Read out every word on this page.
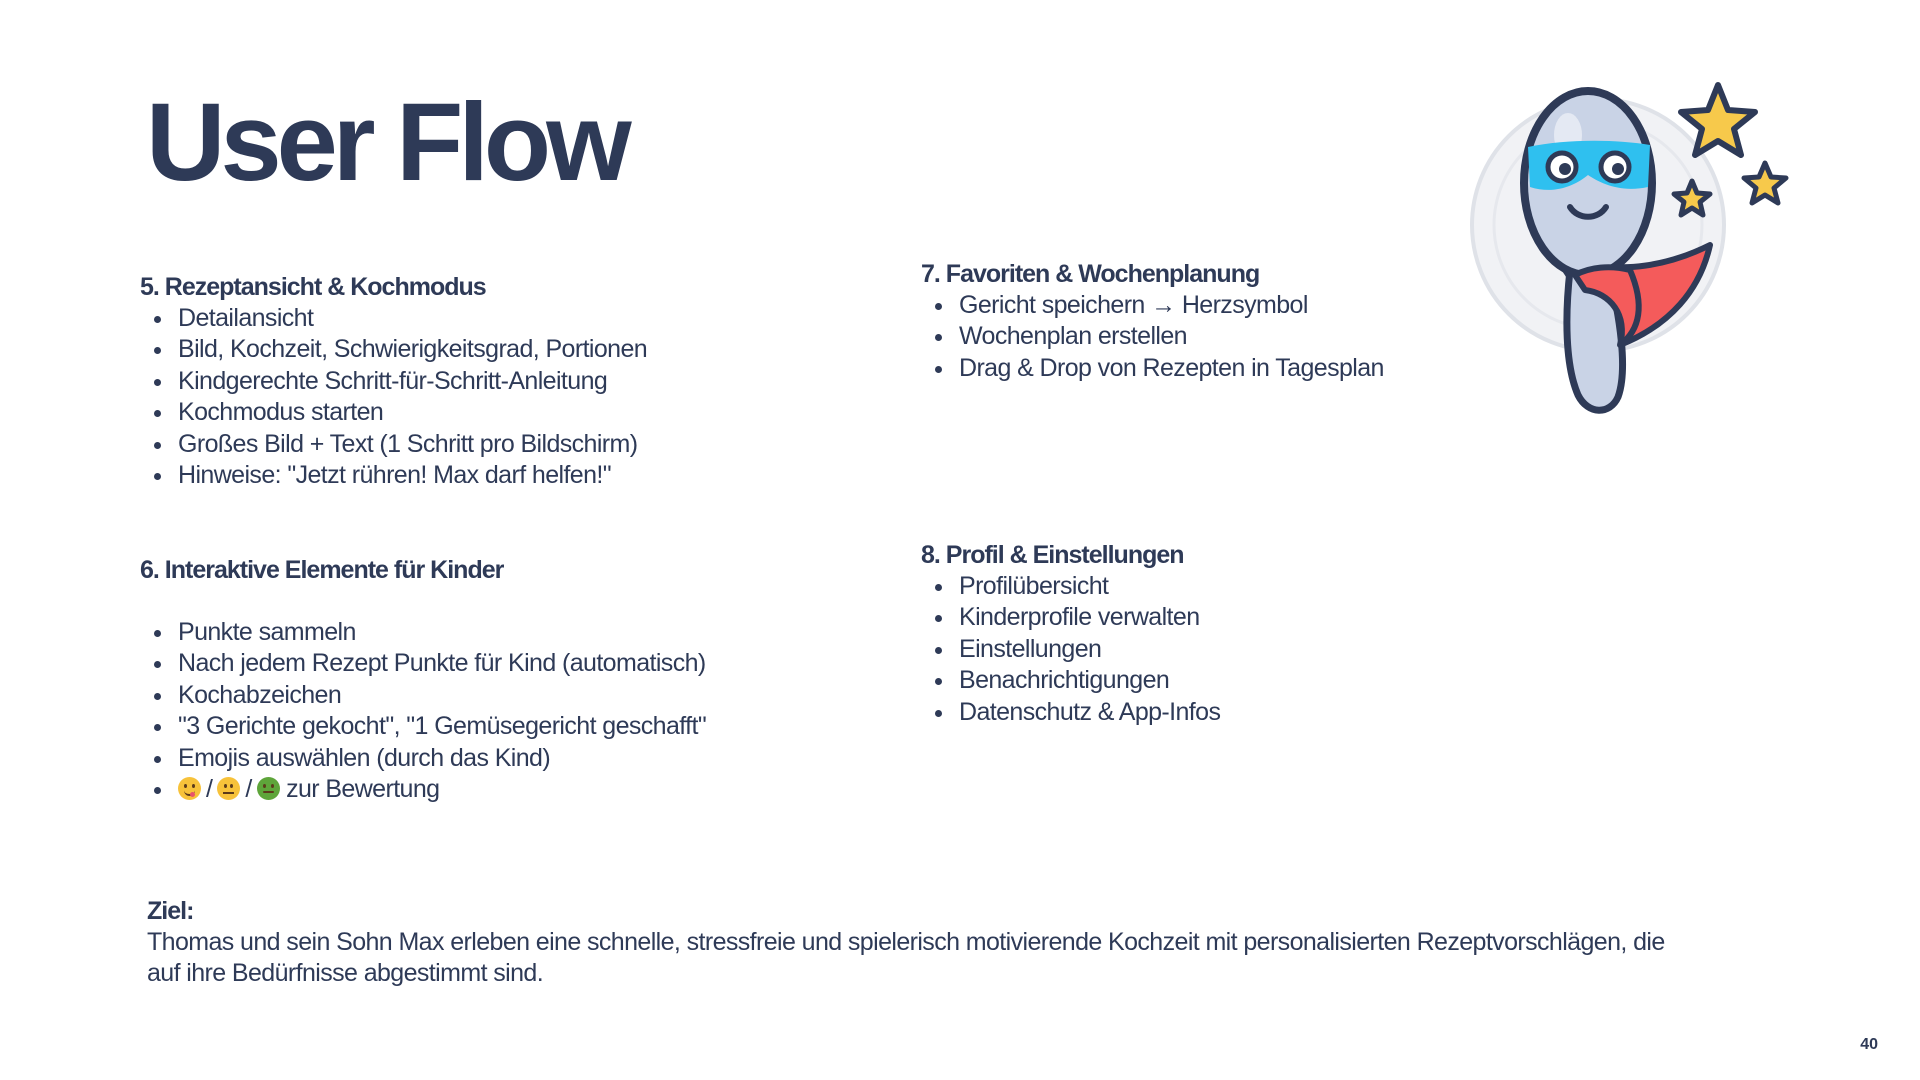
User Flow
5. Rezeptansicht & Kochmodus
Detailansicht
Bild, Kochzeit, Schwierigkeitsgrad, Portionen
Kindgerechte Schritt-für-Schritt-Anleitung
Kochmodus starten
Großes Bild + Text (1 Schritt pro Bildschirm)
Hinweise: "Jetzt rühren! Max darf helfen!"
6. Interaktive Elemente für Kinder
Punkte sammeln
Nach jedem Rezept Punkte für Kind (automatisch)
Kochabzeichen
"3 Gerichte gekocht", "1 Gemüsegericht geschafft"
Emojis auswählen (durch das Kind)
/ / zur Bewertung
7. Favoriten & Wochenplanung
Gericht speichern → Herzsymbol
Wochenplan erstellen
Drag & Drop von Rezepten in Tagesplan
8. Profil & Einstellungen
Profilübersicht
Kinderprofile verwalten
Einstellungen
Benachrichtigungen
Datenschutz & App-Infos
Ziel:
Thomas und sein Sohn Max erleben eine schnelle, stressfreie und spielerisch motivierende Kochzeit mit personalisierten Rezeptvorschlägen, die auf ihre Bedürfnisse abgestimmt sind.
40
